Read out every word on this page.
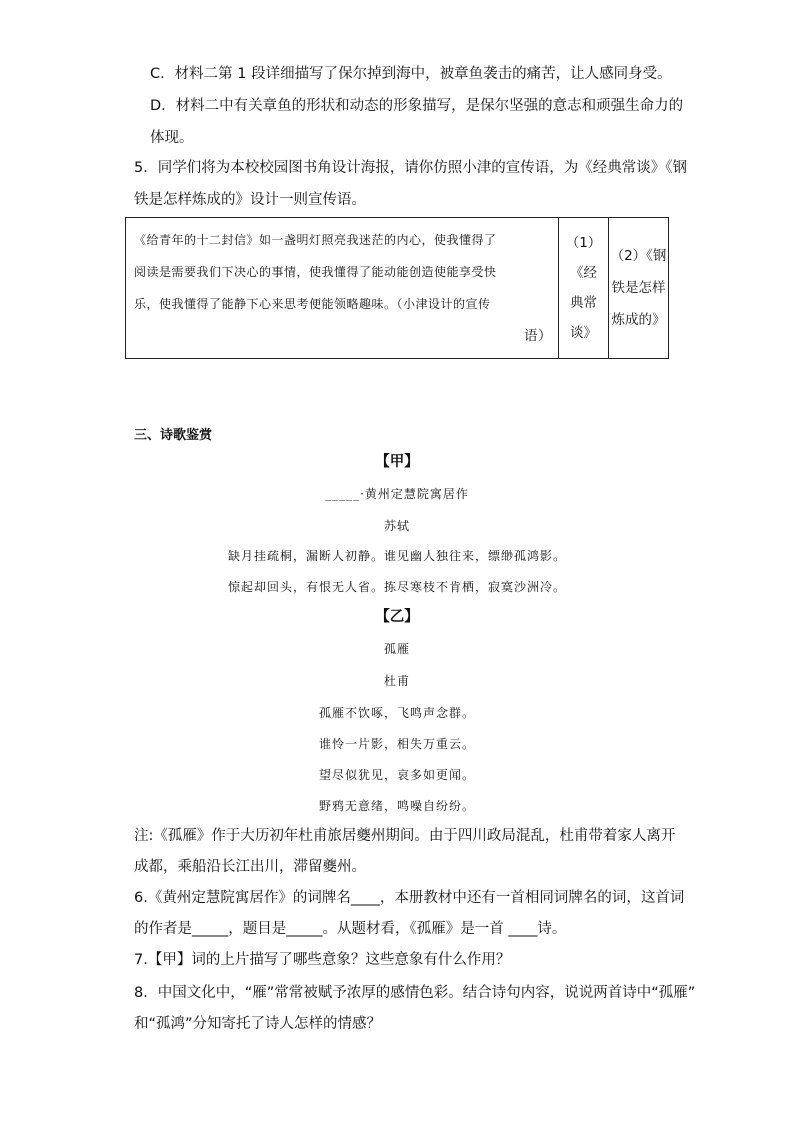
C．材料二第 1 段详细描写了保尔掉到海中，被章鱼袭击的痛苦，让人感同身受。
D．材料二中有关章鱼的形状和动态的形象描写，是保尔坚强的意志和顽强生命力的
体现。
5．同学们将为本校校园图书角设计海报，请你仿照小津的宣传语，为《经典常谈》《钢
铁是怎样炼成的》设计一则宣传语。
《给青年的十二封信》如一盏明灯照亮我迷茫的内心，使我懂得了
阅读是需要我们下决心的事情，使我懂得了能动能创造使能享受快
乐，使我懂得了能静下心来思考便能领略趣味。（小津设计的宣传
语）

（1）
《经
典常
谈》

（2）《钢
铁是怎样
炼成的》
三、诗歌鉴赏
【甲】
_____·黄州定慧院寓居作
苏轼
缺月挂疏桐，漏断人初静。谁见幽人独往来，缥缈孤鸿影。
惊起却回头，有恨无人省。拣尽寒枝不肯栖，寂寞沙洲冷。
【乙】
孤雁
杜甫
孤雁不饮啄，飞鸣声念群。
谁怜一片影，相失万重云。
望尽似犹见，哀多如更闻。
野鸦无意绪，鸣噪自纷纷。
注:《孤雁》作于大历初年杜甫旅居夔州期间。由于四川政局混乱，杜甫带着家人离开
成都，乘船沿长江出川，滞留夔州。
6.《黄州定慧院寓居作》的词牌名____，本册教材中还有一首相同词牌名的词，这首词
的作者是_____，题目是_____。从题材看，《孤雁》是一首 ____诗。
7.【甲】词的上片描写了哪些意象？这些意象有什么作用？
8．中国文化中，“雁”常常被赋予浓厚的感情色彩。结合诗句内容，说说两首诗中“孤雁”
和“孤鸿”分知寄托了诗人怎样的情感？
